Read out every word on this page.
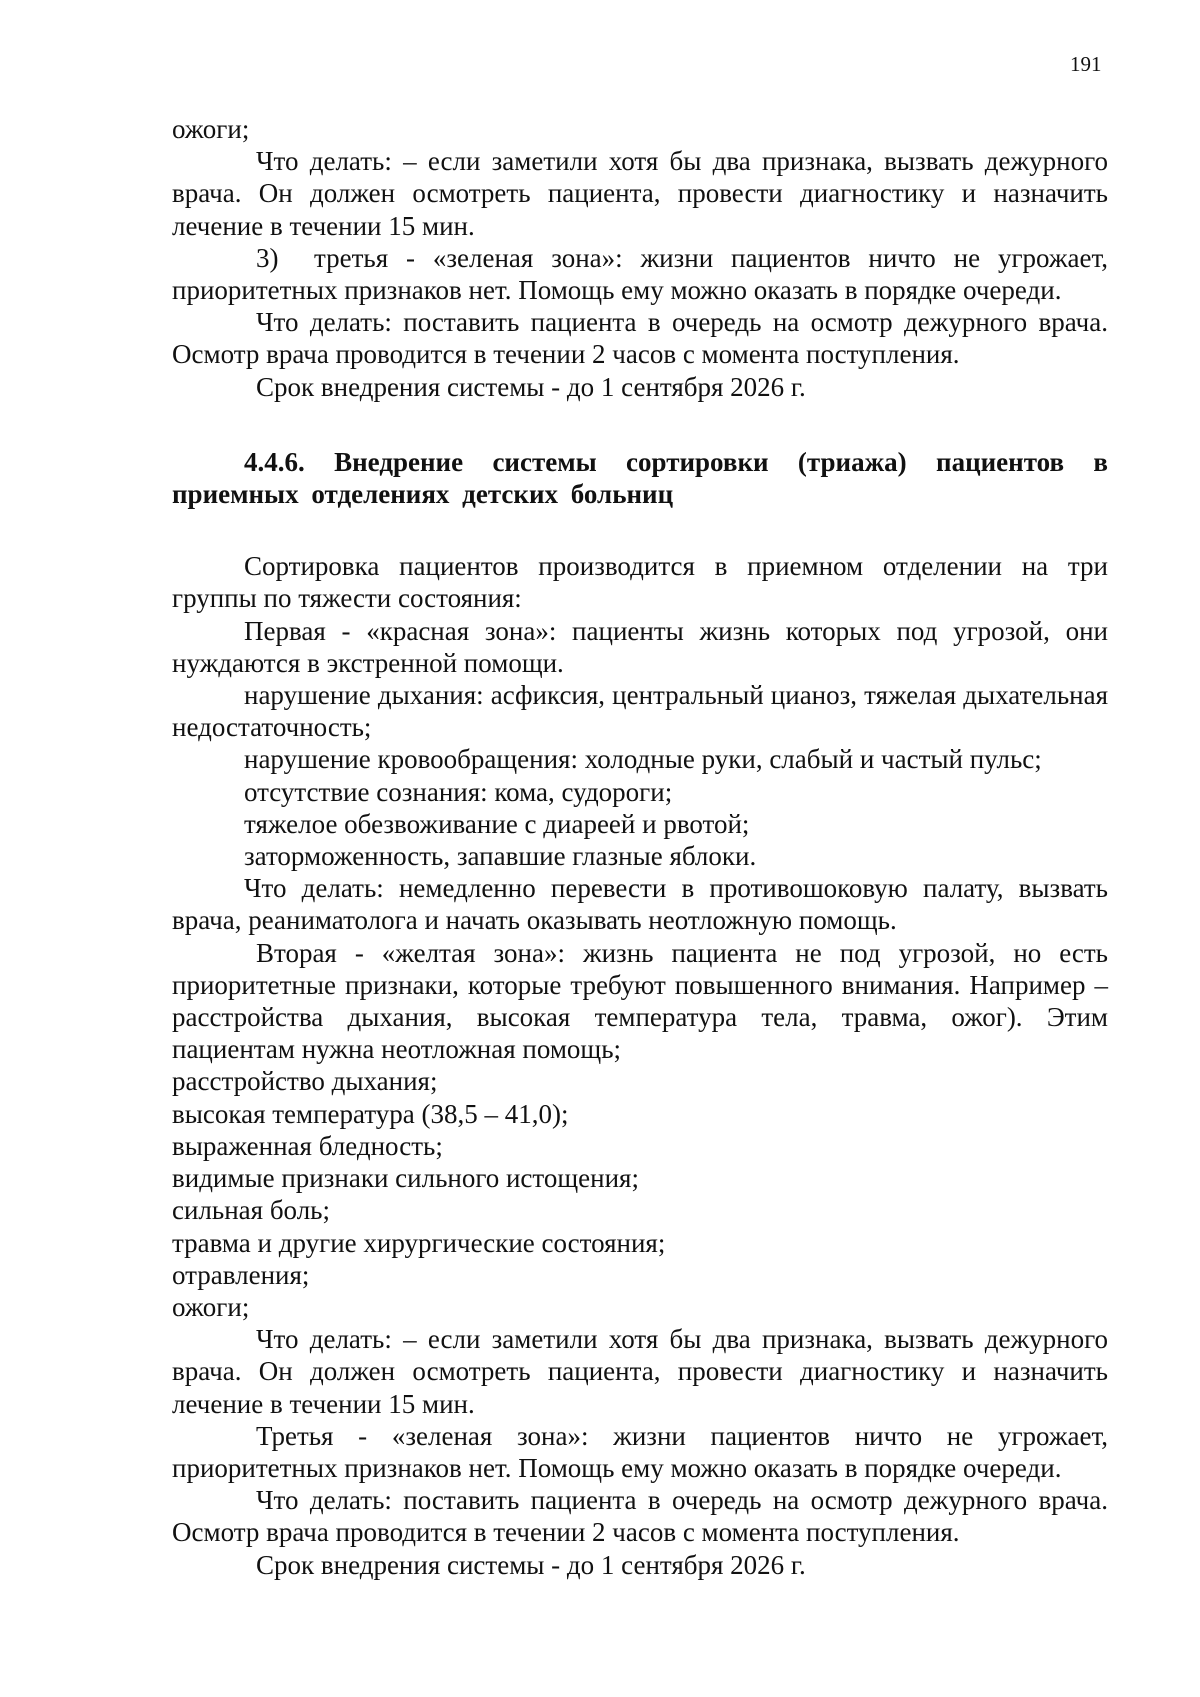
191

ожоги;

Что делать: – если заметили хотя бы два признака, вызвать дежурного врача. Он должен осмотреть пациента, провести диагностику и назначить лечение в течении 15 мин.

3) третья - «зеленая зона»: жизни пациентов ничто не угрожает, приоритетных признаков нет. Помощь ему можно оказать в порядке очереди.

Что делать: поставить пациента в очередь на осмотр дежурного врача. Осмотр врача проводится в течении 2 часов с момента поступления.

Срок внедрения системы - до 1 сентября 2026 г.

4.4.6. Внедрение системы сортировки (триажа) пациентов в приемных отделениях детских больниц

Сортировка пациентов производится в приемном отделении на три группы по тяжести состояния:

Первая - «красная зона»: пациенты жизнь которых под угрозой, они нуждаются в экстренной помощи.

нарушение дыхания: асфиксия, центральный цианоз, тяжелая дыхательная недостаточность;

нарушение кровообращения: холодные руки, слабый и частый пульс;

отсутствие сознания: кома, судороги;

тяжелое обезвоживание с диареей и рвотой;

заторможенность, запавшие глазные яблоки.

Что делать: немедленно перевести в противошоковую палату, вызвать врача, реаниматолога и начать оказывать неотложную помощь.

Вторая - «желтая зона»: жизнь пациента не под угрозой, но есть приоритетные признаки, которые требуют повышенного внимания. Например – расстройства дыхания, высокая температура тела, травма, ожог). Этим пациентам нужна неотложная помощь;

расстройство дыхания;

высокая температура (38,5 – 41,0);

выраженная бледность;

видимые признаки сильного истощения;

сильная боль;

травма и другие хирургические состояния;

отравления;

ожоги;

Что делать: – если заметили хотя бы два признака, вызвать дежурного врача. Он должен осмотреть пациента, провести диагностику и назначить лечение в течении 15 мин.

Третья - «зеленая зона»: жизни пациентов ничто не угрожает, приоритетных признаков нет. Помощь ему можно оказать в порядке очереди.

Что делать: поставить пациента в очередь на осмотр дежурного врача. Осмотр врача проводится в течении 2 часов с момента поступления.

Срок внедрения системы - до 1 сентября 2026 г.
